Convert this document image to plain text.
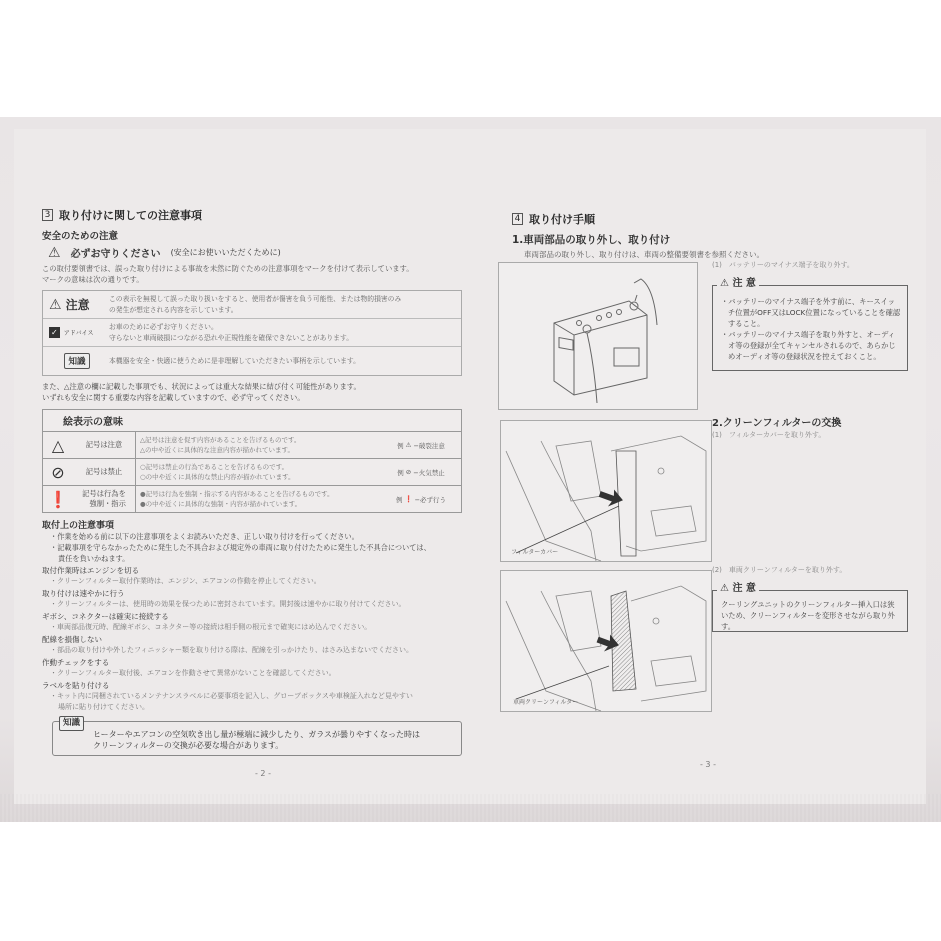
3 取り付けに関しての注意事項
安全のための注意
⚠ 必ずお守りください (安全にお使いいただくために)
この取付要領書では、誤った取り付けによる事故を未然に防ぐための注意事項をマークを付けて表示しています。
マークの意味は次の通りです。
⚠ 注意	この表示を無視して誤った取り扱いをすると、使用者が傷害を負う可能性、または物的損害のみ
の発生が想定される内容を示しています。
✓	アドバイス
お車のために必ずお守りください。
守らないと車両破損につながる恐れや正規性能を確保できないことがあります。
知識	本機器を安全・快適に使うために是非理解していただきたい事柄を示しています。
また、△注意の欄に記載した事項でも、状況によっては重大な結果に結び付く可能性があります。
いずれも安全に関する重要な内容を記載していますので、必ず守ってください。
絵表示の意味
△	記号は注意	△記号は注意を促す内容があることを告げるものです。
△の中や近くに具体的な注意内容が描かれています。
例 ⚠ −破裂注意
⊘	記号は禁止	○記号は禁止の行為であることを告げるものです。
○の中や近くに具体的な禁止内容が描かれています。
例 ⊘ −火気禁止
❗	記号は行為を
強制・指示
●記号は行為を強制・指示する内容があることを告げるものです。
●の中や近くに具体的な強制・内容が描かれています。
例 ❗ −必ず行う
取付上の注意事項
・作業を始める前に以下の注意事項をよくお読みいただき、正しい取り付けを行ってください。
・記載事項を守らなかったために発生した不具合および規定外の車両に取り付けたために発生した不具合については、
責任を負いかねます。
取付作業時はエンジンを切る
・クリーンフィルター取付作業時は、エンジン、エアコンの作動を停止してください。
取り付けは速やかに行う
・クリーンフィルターは、使用時の効果を保つために密封されています。開封後は速やかに取り付けてください。
ギボシ、コネクターは確実に接続する
・車両部品復元時、配線ギボシ、コネクター等の接続は相手側の根元まで確実にはめ込んでください。
配線を損傷しない
・部品の取り付けや外したフィニッシャー類を取り付ける際は、配線を引っかけたり、はさみ込まないでください。
作動チェックをする
・クリーンフィルター取付後、エアコンを作動させて異常がないことを確認してください。
ラベルを貼り付ける
・キット内に同梱されているメンテナンスラベルに必要事項を記入し、グローブボックスや車検証入れなど見やすい
場所に貼り付けてください。
知識
ヒーターやエアコンの空気吹き出し量が極端に減少したり、ガラスが曇りやすくなった時は
クリーンフィルターの交換が必要な場合があります。
- 2 -
4 取り付け手順
1.車両部品の取り外し、取り付け
車両部品の取り外し、取り付けは、車両の整備要領書を参照ください。
(1)　バッテリーのマイナス端子を取り外す。
⚠ 注 意
・バッテリーのマイナス端子を外す前に、キースイッチ位置がOFF又はLOCK位置になっていることを確認すること。
・バッテリーのマイナス端子を取り外すと、オーディオ等の登録が全てキャンセルされるので、あらかじめオーディオ等の登録状況を控えておくこと。
2.クリーンフィルターの交換
(1)　フィルターカバーを取り外す。
フィルターカバー
車両クリーンフィルター
(2)　車両クリーンフィルターを取り外す。
⚠ 注 意
クーリングユニットのクリーンフィルター挿入口は狭いため、クリーンフィルターを変形させながら取り外す。
- 3 -
